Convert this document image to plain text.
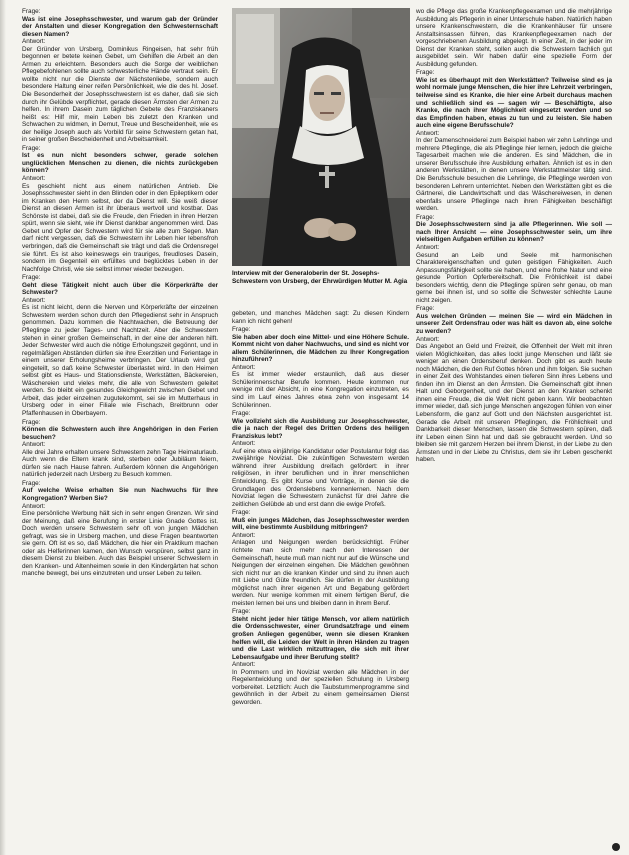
Frage:

Was ist eine Josephsschwester, und warum gab der Gründer der Anstalten und dieser Kongregation den Schwesternschaft diesen Namen?

Antwort:

Der Gründer von Ursberg, Dominikus Ringeisen, hat sehr früh begonnen er betete keinen Gebet, um Gehilfen die Arbeit an den Armen zu erleichtern. Besonders auch die Sorge der weiblichen Pflegebefohlenen sollte auch schwesterliche Hände vertraut sein. Er wollte nicht nur die Dienste der Nächstenliebe, sondern auch besondere Haltung einer reifen Persönlichkeit, wie die des hl. Josef. Die Besonderheit der Josephsschwestern ist es daher, daß sie sich durch ihr Gelübde verpflichtet, gerade diesen Ärmsten der Armen zu helfen. In ihrem Dasein zum täglichen Gebete des Franziskaners heißt es: Hilf mir, mein Leben bis zuletzt den Kranken und Schwachen zu widmen, in Demut, Treue und Bescheidenheit, wie es der heilige Joseph auch als Vorbild für seine Schwestern getan hat, in seiner großen Bescheidenheit und Arbeitsamkeit.

Frage:

Ist es nun nicht besonders schwer, gerade solchen unglücklichen Menschen zu dienen, die nichts zurückgeben können?

Antwort:

Es geschieht nicht aus einem natürlichen Antrieb. Die Josephsschwester sieht in den Blinden oder in den Epileptikern oder im Kranken den Herrn selbst, der da Dienst will. Sie weiß dieser Dienst an diesen Armen ist ihr überaus wertvoll und kostbar. Das Schönste ist dabei, daß sie die Freude, den Frieden in ihren Herzen spürt, wenn sie sieht, wie ihr Dienst dankbar angenommen wird. Das Gebet und Opfer der Schwestern wird für sie alle zum Segen. Man darf nicht vergessen, daß die Schwestern ihr Leben hier lebensfroh verbringen, daß die Gemeinschaft sie trägt und daß die Ordensregel sie führt. Es ist also keineswegs ein trauriges, freudloses Dasein, sondern im Gegenteil ein erfülltes und beglücktes Leben in der Nachfolge Christi, wie sie selbst immer wieder bezeugen.

Frage:

Geht diese Tätigkeit nicht auch über die Körperkräfte der Schwester?

Antwort:

Es ist nicht leicht, denn die Nerven und Körperkräfte der einzelnen Schwestern werden schon durch den Pflegedienst sehr in Anspruch genommen. Dazu kommen die Nachtwachen, die Betreuung der Pfleglinge zu jeder Tages- und Nachtzeit. Aber die Schwestern stehen in einer großen Gemeinschaft, in der eine der anderen hilft. Jeder Schwester wird auch die nötige Erholungszeit gegönnt, und in regelmäßigen Abständen dürfen sie ihre Exerzitien und Ferientage in einem unserer Erholungsheime verbringen. Der Urlaub wird gut eingeteilt, so daß keine Schwester überlastet wird. In den Heimen selbst gibt es Haus- und Stationsdienste, Werkstätten, Bäckereien, Wäschereien und vieles mehr, die alle von Schwestern geleitet werden. So bleibt ein gesundes Gleichgewicht zwischen Gebet und Arbeit, das jeder einzelnen zugutekommt, sei sie im Mutterhaus in Ursberg oder in einer Filiale wie Fischach, Breitbrunn oder Pfaffenhausen in Oberbayern.

Frage:

Können die Schwestern auch ihre Angehörigen in den Ferien besuchen?

Antwort:

Alle drei Jahre erhalten unsere Schwestern zehn Tage Heimaturlaub. Auch wenn die Eltern krank sind, sterben oder Jubiläum feiern, dürfen sie nach Hause fahren. Außerdem können die Angehörigen natürlich jederzeit nach Ursberg zu Besuch kommen.

Frage:

Auf welche Weise erhalten Sie nun Nachwuchs für Ihre Kongregation? Werben Sie?

Antwort:

Eine persönliche Werbung hält sich in sehr engen Grenzen. Wir sind der Meinung, daß eine Berufung in erster Linie Gnade Gottes ist. Doch werden unsere Schwestern sehr oft von jungen Mädchen gefragt, was sie in Ursberg machen, und diese Fragen beantworten sie gern. Oft ist es so, daß Mädchen, die hier ein Praktikum machen oder als Helferinnen kamen, den Wunsch verspüren, selbst ganz in diesem Dienst zu bleiben. Auch das Beispiel unserer Schwestern in den Kranken- und Altenheimen sowie in den Kindergärten hat schon manche bewegt, bei uns einzutreten und unser Leben zu teilen.

Interview mit der Generaloberin der St. Josephs-Schwestern von Ursberg, der Ehrwürdigen Mutter M. Agia

gebeten, und manches Mädchen sagt: Zu diesen Kindern kann ich nicht gehen!

Frage:

Sie haben aber doch eine Mittel- und eine Höhere Schule. Kommt nicht von daher Nachwuchs, und sind es nicht vor allem Schülerinnen, die Mädchen zu Ihrer Kongregation hinzuführen?

Antwort:

Es ist immer wieder erstaunlich, daß aus dieser Schülerinnenschar Berufe kommen. Heute kommen nur wenige mit der Absicht, in eine Kongregation einzutreten, es sind im Lauf eines Jahres etwa zehn von insgesamt 14 Schülerinnen.

Frage:

Wie vollzieht sich die Ausbildung zur Josephsschwester, die ja nach der Regel des Dritten Ordens des heiligen Franziskus lebt?

Antwort:

Auf eine etwa einjährige Kandidatur oder Postulantur folgt das zweijährige Noviziat. Die zukünftigen Schwestern werden während ihrer Ausbildung dreifach gefördert: in ihrer religiösen, in ihrer beruflichen und in ihrer menschlichen Entwicklung. Es gibt Kurse und Vorträge, in denen sie die Grundlagen des Ordenslebens kennenlernen. Nach dem Noviziat legen die Schwestern zunächst für drei Jahre die zeitlichen Gelübde ab und erst dann die ewige Profeß.

Frage:

Muß ein junges Mädchen, das Josephsschwester werden will, eine bestimmte Ausbildung mitbringen?

Antwort:

Anlagen und Neigungen werden berücksichtigt. Früher richtete man sich mehr nach den Interessen der Gemeinschaft, heute muß man nicht nur auf die Wünsche und Neigungen der einzelnen eingehen. Die Mädchen gewöhnen sich nicht nur an die kranken Kinder und sind zu ihnen auch mit Liebe und Güte freundlich. Sie dürfen in der Ausbildung möglichst nach ihrer eigenen Art und Begabung gefördert werden. Nur wenige kommen mit einem fertigen Beruf, die meisten lernen bei uns und bleiben dann in ihrem Beruf.

Frage:

Steht nicht jeder hier tätige Mensch, vor allem natürlich die Ordensschwester, einer Grundsatzfrage und einem großen Anliegen gegenüber, wenn sie diesen Kranken helfen will, die Leiden der Welt in ihren Händen zu tragen und die Last wirklich mitzuttragen, die sich mit ihrer Lebensaufgabe und ihrer Berufung stellt?

Antwort:

In Pommern und im Noviziat werden alle Mädchen in der Regelentwicklung und der speziellen Schulung in Ursberg vorbereitet. Letztlich: Auch die Taubstummenprogramme sind gewöhnlich in der Arbeit zu einem gemeinsamen Dienst geworden.

wo die Pflege das große Krankenpflegeexamen und die mehrjährige Ausbildung als Pflegerin in einer Unterschule haben. Natürlich haben unsere Krankenschwestern, die die Krankenhäuser für unsere Anstaltsinsassen führen, das Krankenpflegeexamen nach der vorgeschriebenen Ausbildung abgelegt. In einer Zeit, in der jeder im Dienst der Kranken steht, sollen auch die Schwestern fachlich gut ausgebildet sein. Wir haben dafür eine spezielle Form der Ausbildung gefunden.

Frage:

Wie ist es überhaupt mit den Werkstätten? Teilweise sind es ja wohl normale junge Menschen, die hier ihre Lehrzeit verbringen, teilweise sind es Kranke, die hier eine Arbeit durchaus machen und schließlich sind es — sagen wir — Beschäftigte, also Kranke, die nach ihrer Möglichkeit eingesetzt werden und so das Empfinden haben, etwas zu tun und zu leisten. Sie haben auch eine eigene Berufsschule?

Antwort:

In der Damenschneiderei zum Beispiel haben wir zehn Lehrlinge und mehrere Pfleglinge, die als Pfleglinge hier lernen, jedoch die gleiche Tagesarbeit machen wie die anderen. Es sind Mädchen, die in unserer Berufsschule ihre Ausbildung erhalten. Ähnlich ist es in den anderen Werkstätten, in denen unsere Werkstattmeister tätig sind. Die Berufsschule besuchen die Lehrlinge, die Pfleglinge werden von besonderen Lehrern unterrichtet. Neben den Werkstätten gibt es die Gärtnerei, die Landwirtschaft und das Wäschereiwesen, in denen ebenfalls unsere Pfleglinge nach ihren Fähigkeiten beschäftigt werden.

Frage:

Die Josephsschwestern sind ja alle Pflegerinnen. Wie soll — nach Ihrer Ansicht — eine Josephsschwester sein, um ihre vielseitigen Aufgaben erfüllen zu können?

Antwort:

Gesund an Leib und Seele mit harmonischen Charaktereigenschaften und guten geistigen Fähigkeiten. Auch Anpassungsfähigkeit sollte sie haben, und eine frohe Natur und eine gesunde Portion Opferbereitschaft. Die Fröhlichkeit ist dabei besonders wichtig, denn die Pfleglinge spüren sehr genau, ob man gerne bei ihnen ist, und so sollte die Schwester schlechte Laune nicht zeigen.

Frage:

Aus welchen Gründen — meinen Sie — wird ein Mädchen in unserer Zeit Ordensfrau oder was hält es davon ab, eine solche zu werden?

Antwort:

Das Angebot an Geld und Freizeit, die Offenheit der Welt mit ihren vielen Möglichkeiten, das alles lockt junge Menschen und läßt sie weniger an einen Ordensberuf denken. Doch gibt es auch heute noch Mädchen, die den Ruf Gottes hören und ihm folgen. Sie suchen in einer Zeit des Wohlstandes einen tieferen Sinn ihres Lebens und finden ihn im Dienst an den Ärmsten. Die Gemeinschaft gibt ihnen Halt und Geborgenheit, und der Dienst an den Kranken schenkt ihnen eine Freude, die die Welt nicht geben kann. Wir beobachten immer wieder, daß sich junge Menschen angezogen fühlen von einer Lebensform, die ganz auf Gott und den Nächsten ausgerichtet ist. Gerade die Arbeit mit unseren Pfleglingen, die Fröhlichkeit und Dankbarkeit dieser Menschen, lassen die Schwestern spüren, daß ihr Leben einen Sinn hat und daß sie gebraucht werden. Und so bleiben sie mit ganzem Herzen bei ihrem Dienst, in der Liebe zu den Ärmsten und in der Liebe zu Christus, dem sie ihr Leben geschenkt haben.
